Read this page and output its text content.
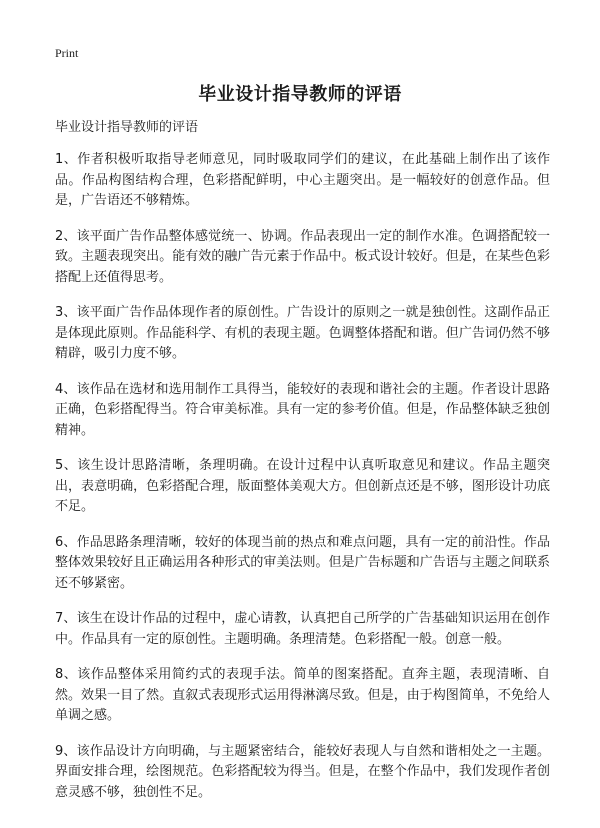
Print
毕业设计指导教师的评语

毕业设计指导教师的评语

1、作者积极听取指导老师意见，同时吸取同学们的建议，在此基础上制作出了该作品。作品构图结构合理，色彩搭配鲜明，中心主题突出。是一幅较好的创意作品。但是，广告语还不够精炼。

2、该平面广告作品整体感觉统一、协调。作品表现出一定的制作水准。色调搭配较一致。主题表现突出。能有效的融广告元素于作品中。板式设计较好。但是，在某些色彩搭配上还值得思考。

3、该平面广告作品体现作者的原创性。广告设计的原则之一就是独创性。这副作品正是体现此原则。作品能科学、有机的表现主题。色调整体搭配和谐。但广告词仍然不够精辟，吸引力度不够。

4、该作品在选材和选用制作工具得当，能较好的表现和谐社会的主题。作者设计思路正确，色彩搭配得当。符合审美标准。具有一定的参考价值。但是，作品整体缺乏独创精神。

5、该生设计思路清晰，条理明确。在设计过程中认真听取意见和建议。作品主题突出，表意明确，色彩搭配合理，版面整体美观大方。但创新点还是不够，图形设计功底不足。

6、作品思路条理清晰，较好的体现当前的热点和难点问题，具有一定的前沿性。作品整体效果较好且正确运用各种形式的审美法则。但是广告标题和广告语与主题之间联系还不够紧密。

7、该生在设计作品的过程中，虚心请教，认真把自己所学的广告基础知识运用在创作中。作品具有一定的原创性。主题明确。条理清楚。色彩搭配一般。创意一般。

8、该作品整体采用简约式的表现手法。简单的图案搭配。直奔主题，表现清晰、自然。效果一目了然。直叙式表现形式运用得淋漓尽致。但是，由于构图简单，不免给人单调之感。

9、该作品设计方向明确，与主题紧密结合，能较好表现人与自然和谐相处之一主题。界面安排合理，绘图规范。色彩搭配较为得当。但是，在整个作品中，我们发现作者创意灵感不够，独创性不足。
